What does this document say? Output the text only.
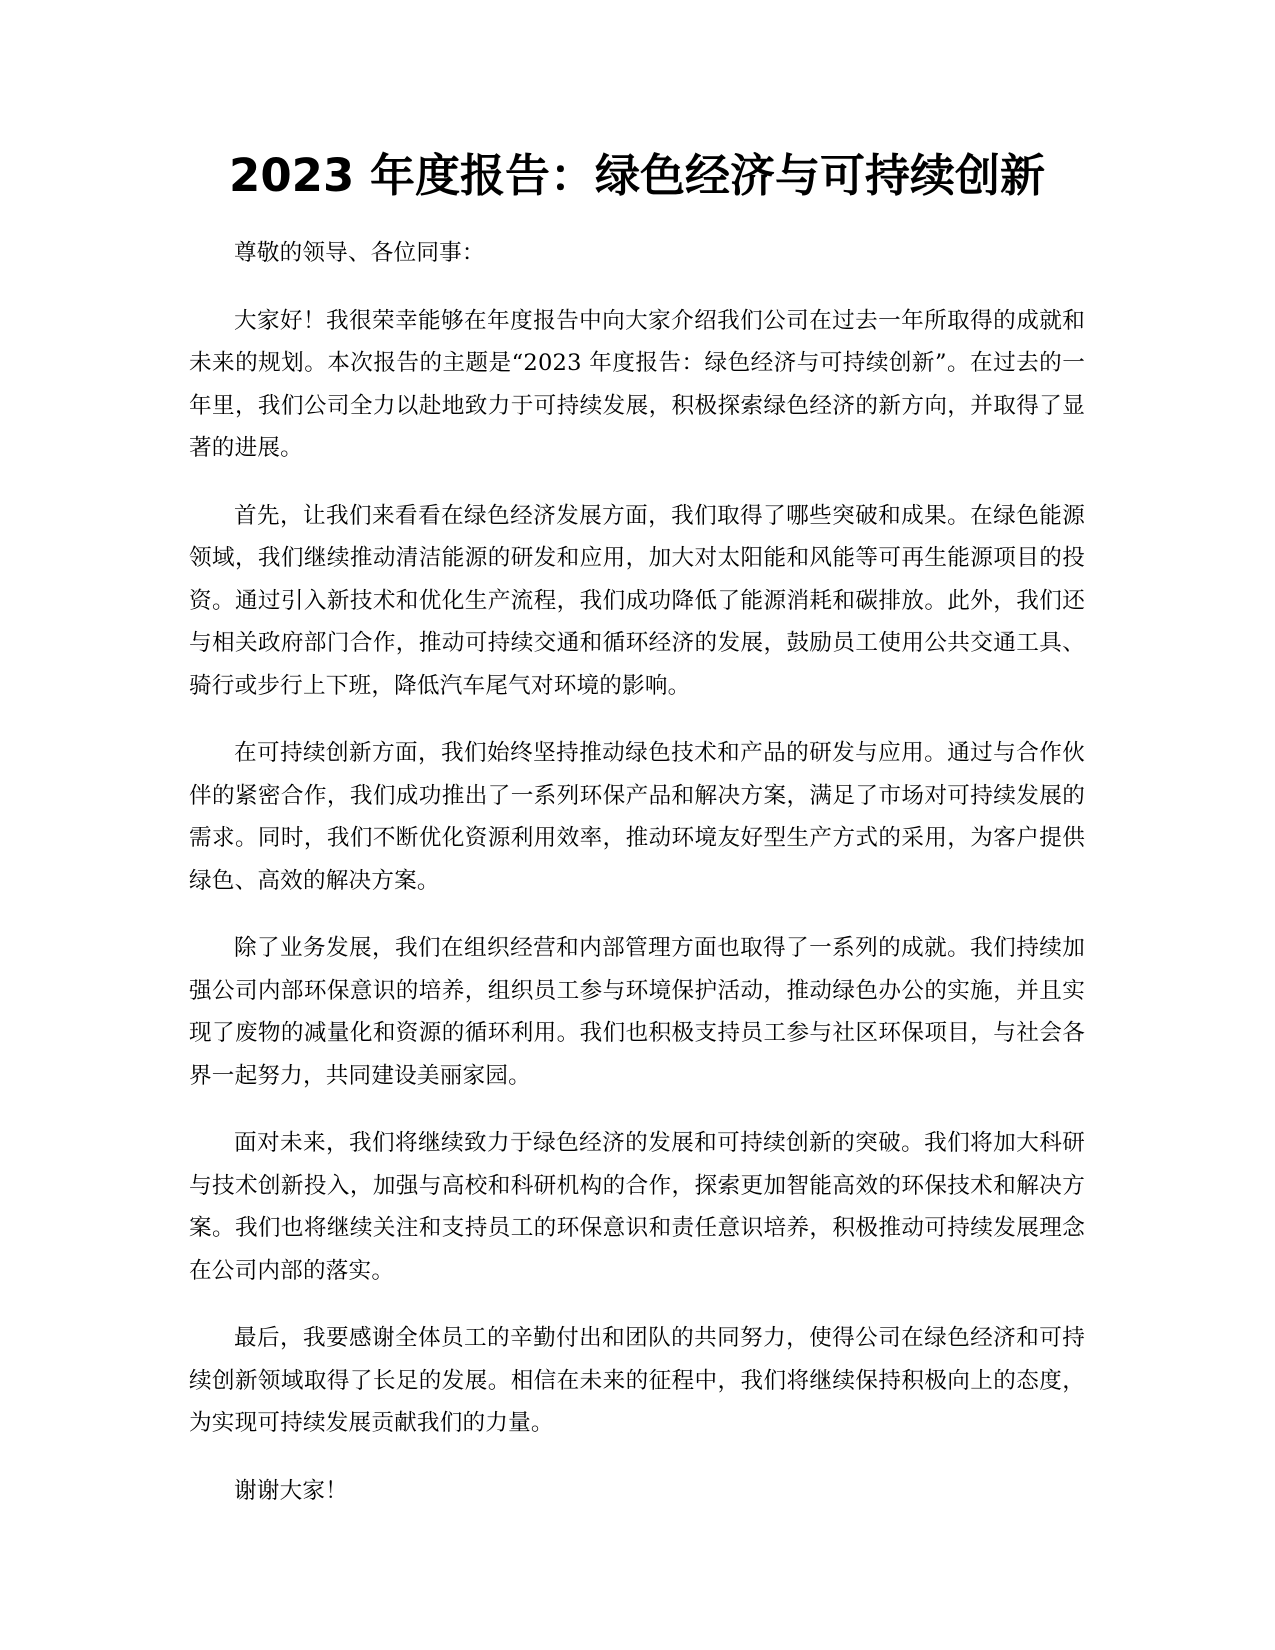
2023 年度报告：绿色经济与可持续创新

尊敬的领导、各位同事：

大家好！我很荣幸能够在年度报告中向大家介绍我们公司在过去一年所取得的成就和未来的规划。本次报告的主题是“2023 年度报告：绿色经济与可持续创新”。在过去的一年里，我们公司全力以赴地致力于可持续发展，积极探索绿色经济的新方向，并取得了显著的进展。

首先，让我们来看看在绿色经济发展方面，我们取得了哪些突破和成果。在绿色能源领域，我们继续推动清洁能源的研发和应用，加大对太阳能和风能等可再生能源项目的投资。通过引入新技术和优化生产流程，我们成功降低了能源消耗和碳排放。此外，我们还与相关政府部门合作，推动可持续交通和循环经济的发展，鼓励员工使用公共交通工具、骑行或步行上下班，降低汽车尾气对环境的影响。

在可持续创新方面，我们始终坚持推动绿色技术和产品的研发与应用。通过与合作伙伴的紧密合作，我们成功推出了一系列环保产品和解决方案，满足了市场对可持续发展的需求。同时，我们不断优化资源利用效率，推动环境友好型生产方式的采用，为客户提供绿色、高效的解决方案。

除了业务发展，我们在组织经营和内部管理方面也取得了一系列的成就。我们持续加强公司内部环保意识的培养，组织员工参与环境保护活动，推动绿色办公的实施，并且实现了废物的减量化和资源的循环利用。我们也积极支持员工参与社区环保项目，与社会各界一起努力，共同建设美丽家园。

面对未来，我们将继续致力于绿色经济的发展和可持续创新的突破。我们将加大科研与技术创新投入，加强与高校和科研机构的合作，探索更加智能高效的环保技术和解决方案。我们也将继续关注和支持员工的环保意识和责任意识培养，积极推动可持续发展理念在公司内部的落实。

最后，我要感谢全体员工的辛勤付出和团队的共同努力，使得公司在绿色经济和可持续创新领域取得了长足的发展。相信在未来的征程中，我们将继续保持积极向上的态度，为实现可持续发展贡献我们的力量。

谢谢大家！
